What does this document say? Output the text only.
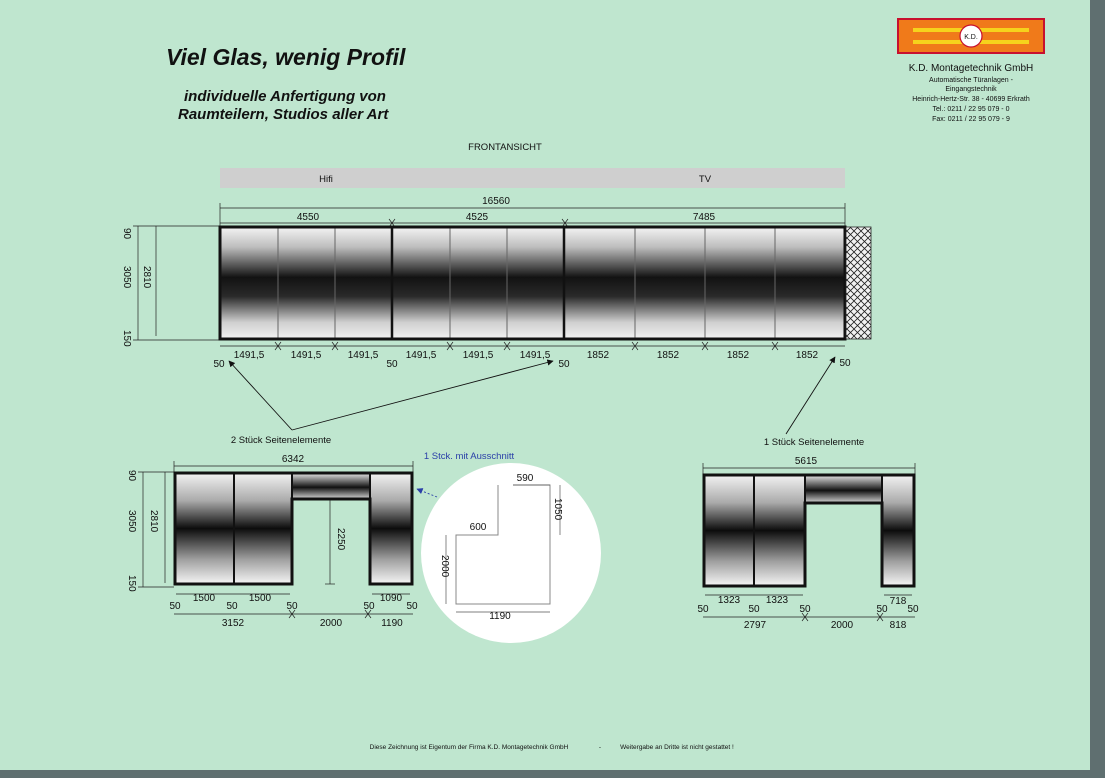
Viel Glas, wenig Profil
individuelle Anfertigung von
Raumteilern, Studios aller Art
K.D.
K.D. Montagetechnik GmbH
Automatische Türanlagen -
Eingangstechnik
Heinrich-Hertz-Str. 38 - 40699 Erkrath
Tel.: 0211 / 22 95 079 - 0
Fax: 0211 / 22 95 079 - 9
FRONTANSICHT
Hifi	TV
16560
4550	4525	7485
90
3050 2810
150
1491,5	1491,5	1491,5	1491,5	1491,5	1491,5	1852	1852	1852	1852
50	50	50	50
2 Stück Seitenelemente
1 Stck. mit Ausschnitt
6342
90
3050 2810
150
2250
1500	1500	1090
50	50	50	50	50
3152	2000	1190
590
1050
600
2000
1190
1 Stück Seitenelemente
5615
1323	1323	718
50	50	50	50 50
2797	2000	818
Diese Zeichnung ist Eigentum der Firma K.D. Montagetechnik GmbH	-	Weitergabe an Dritte ist nicht gestattet !
